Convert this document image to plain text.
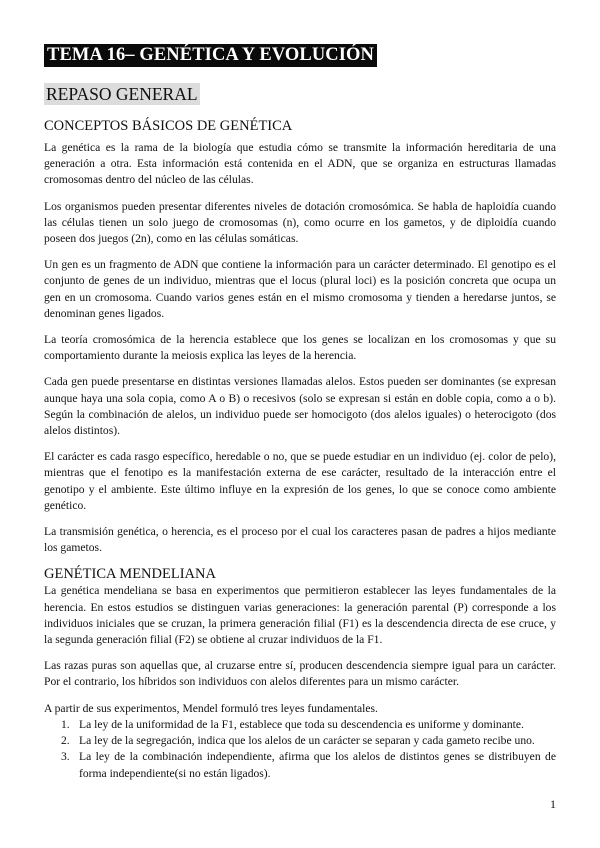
TEMA 16– GENÉTICA Y EVOLUCIÓN
REPASO GENERAL
CONCEPTOS BÁSICOS DE GENÉTICA

La genética es la rama de la biología que estudia cómo se transmite la información hereditaria de una generación a otra. Esta información está contenida en el ADN, que se organiza en estructuras llamadas cromosomas dentro del núcleo de las células.

Los organismos pueden presentar diferentes niveles de dotación cromosómica. Se habla de haploidía cuando las células tienen un solo juego de cromosomas (n), como ocurre en los gametos, y de diploidía cuando poseen dos juegos (2n), como en las células somáticas.

Un gen es un fragmento de ADN que contiene la información para un carácter determinado. El genotipo es el conjunto de genes de un individuo, mientras que el locus (plural loci) es la posición concreta que ocupa un gen en un cromosoma. Cuando varios genes están en el mismo cromosoma y tienden a heredarse juntos, se denominan genes ligados.

La teoría cromosómica de la herencia establece que los genes se localizan en los cromosomas y que su comportamiento durante la meiosis explica las leyes de la herencia.

Cada gen puede presentarse en distintas versiones llamadas alelos. Estos pueden ser dominantes (se expresan aunque haya una sola copia, como A o B) o recesivos (solo se expresan si están en doble copia, como a o b). Según la combinación de alelos, un individuo puede ser homocigoto (dos alelos iguales) o heterocigoto (dos alelos distintos).

El carácter es cada rasgo específico, heredable o no, que se puede estudiar en un individuo (ej. color de pelo), mientras que el fenotipo es la manifestación externa de ese carácter, resultado de la interacción entre el genotipo y el ambiente. Este último influye en la expresión de los genes, lo que se conoce como ambiente genético.

La transmisión genética, o herencia, es el proceso por el cual los caracteres pasan de padres a hijos mediante los gametos.

GENÉTICA MENDELIANA

La genética mendeliana se basa en experimentos que permitieron establecer las leyes fundamentales de la herencia. En estos estudios se distinguen varias generaciones: la generación parental (P) corresponde a los individuos iniciales que se cruzan, la primera generación filial (F1) es la descendencia directa de ese cruce, y la segunda generación filial (F2) se obtiene al cruzar individuos de la F1.

Las razas puras son aquellas que, al cruzarse entre sí, producen descendencia siempre igual para un carácter. Por el contrario, los híbridos son individuos con alelos diferentes para un mismo carácter.

A partir de sus experimentos, Mendel formuló tres leyes fundamentales.

1. La ley de la uniformidad de la F1, establece que toda su descendencia es uniforme y dominante.
2. La ley de la segregación, indica que los alelos de un carácter se separan y cada gameto recibe uno.
3. La ley de la combinación independiente, afirma que los alelos de distintos genes se distribuyen de forma independiente(si no están ligados).
1
